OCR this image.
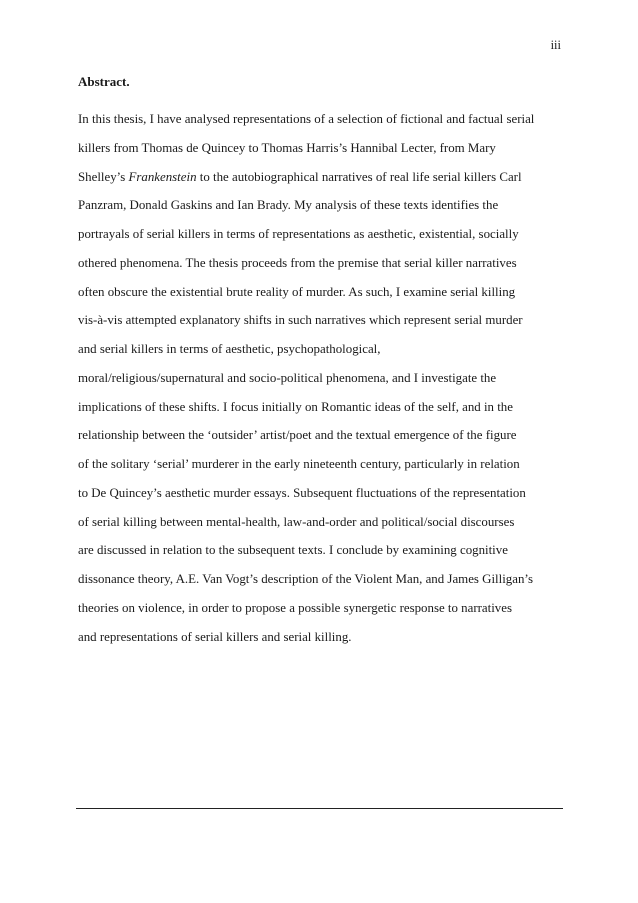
iii
Abstract.
In this thesis, I have analysed representations of a selection of fictional and factual serial
killers from Thomas de Quincey to Thomas Harris’s Hannibal Lecter, from Mary
Shelley’s Frankenstein to the autobiographical narratives of real life serial killers Carl
Panzram, Donald Gaskins and Ian Brady. My analysis of these texts identifies the
portrayals of serial killers in terms of representations as aesthetic, existential, socially
othered phenomena. The thesis proceeds from the premise that serial killer narratives
often obscure the existential brute reality of murder. As such, I examine serial killing
vis-à-vis attempted explanatory shifts in such narratives which represent serial murder
and serial killers in terms of aesthetic, psychopathological,
moral/religious/supernatural and socio-political phenomena, and I investigate the
implications of these shifts. I focus initially on Romantic ideas of the self, and in the
relationship between the ‘outsider’ artist/poet and the textual emergence of the figure
of the solitary ‘serial’ murderer in the early nineteenth century, particularly in relation
to De Quincey’s aesthetic murder essays. Subsequent fluctuations of the representation
of serial killing between mental-health, law-and-order and political/social discourses
are discussed in relation to the subsequent texts. I conclude by examining cognitive
dissonance theory, A.E. Van Vogt’s description of the Violent Man, and James Gilligan’s
theories on violence, in order to propose a possible synergetic response to narratives
and representations of serial killers and serial killing.
